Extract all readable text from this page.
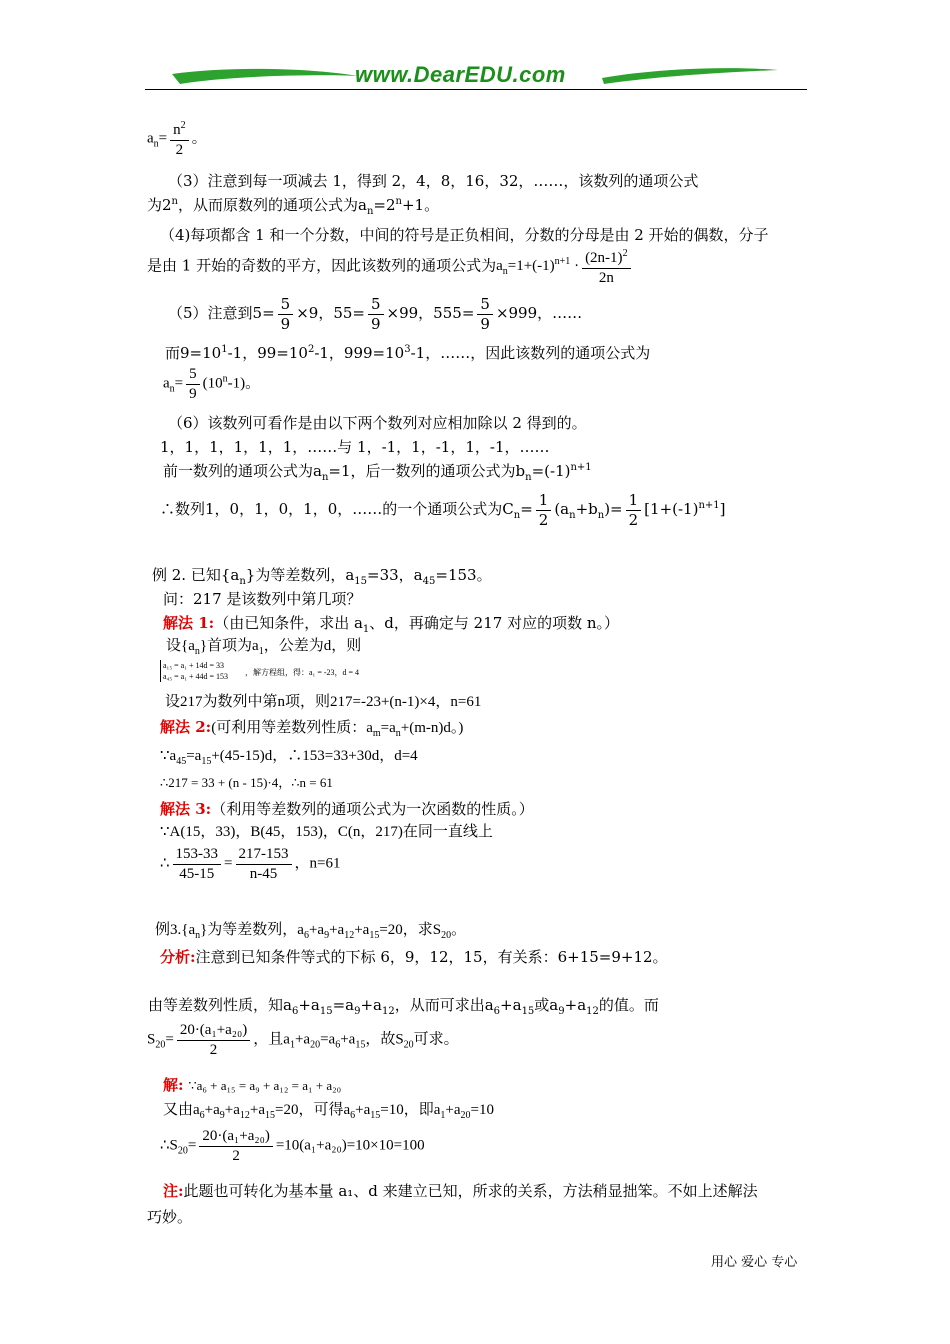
www.DearEDU.com
$a_n= \frac{n^2}{2}$ 。
（3）注意到每一项减去 1，得到 2，4，8，16，32，……，该数列的通项公式
为2$^n$，从而原数列的通项公式为$a_n=2^n+1$。
（4)每项都含 1 和一个分数，中间的符号是正负相间，分数的分母是由 2 开始的偶数，分子
是由 1 开始的奇数的平方，因此该数列的通项公式为$a_n=1+(-1)^{n+1} \cdot \frac{(2n-1)^2}{2n}$
（5）注意到$5= \frac{5}{9} \times 9$，$55= \frac{5}{9} \times 99$，$555= \frac{5}{9} \times 999$，……
而$9=10^1-1$，$99=10^2-1$，$999=10^3-1$，……，因此该数列的通项公式为
$a_n= \frac{5}{9} (10^n-1)$。
（6）该数列可看作是由以下两个数列对应相加除以 2 得到的。
1，1，1，1，1，1，……与 1，-1，1，-1，1，-1，……
前一数列的通项公式为$a_n=1$，后一数列的通项公式为$b_n=(-1)^{n+1}$
∴数列1，0，1，0，1，0，……的一个通项公式为$C_n= \frac{1}{2} (a_n+b_n)= \frac{1}{2} [1+(-1)^{n+1}]$
例 2. 已知$\{a_n\}$为等差数列，$a_{15}=33$，$a_{45}=153$。
问：217 是该数列中第几项？
解法 1:（由已知条件，求出 $a_1$、d，再确定与 217 对应的项数 n。）
设$\{a_n\}$首项为$a_1$，公差为d，则
a₁₅ = a₁ + 14d = 33
a₄₅ = a₁ + 44d = 153 ，解方程组，得：a₁ = -23，d = 4
设217为数列中第n项，则217=-23+(n-1)×4，n=61
解法 2:(可利用等差数列性质：$a_m=a_n+(m-n)d$。)
$\because a_{45}=a_{15}+(45-15)d$，∴153=33+30d，d=4
∴217 = 33 + (n - 15)·4，∴n = 61
解法 3:（利用等差数列的通项公式为一次函数的性质。）
∵A(15，33)，B(45，153)，C(n，217)在同一直线上
∴ $\frac{153-33}{45-15} = \frac{217-153}{n-45}$ ，n=61
例$3.\{a_n\}$为等差数列，$a_6+a_9+a_{12}+a_{15}=20$，求$S_{20}$。
分析:注意到已知条件等式的下标 6，9，12，15，有关系：6+15=9+12。
由等差数列性质，知$a_6+a_{15}=a_9+a_{12}$，从而可求出$a_6+a_{15}$或$a_9+a_{12}$的值。而
$S_{20}= \frac{\text{20·(a₁+a₂₀)}}{2}$ ，且$a_1+a_{20}=a_6+a_{15}$，故$S_{20}$可求。
解: ∵a₆ + a₁₅ = a₉ + a₁₂ = a₁ + a₂₀
又由$a_6+a_9+a_{12}+a_{15}=20$，可得$a_6+a_{15}=10$，即$a_1+a_{20}=10$
$\therefore S_{20}= \frac{\text{20·(a₁+a₂₀)}}{2} =10(a_1+a_{20})=10\times 10=100$
注:此题也可转化为基本量 a₁、d 来建立已知，所求的关系，方法稍显拙笨。不如上述解法
巧妙。
用心 爱心 专心
